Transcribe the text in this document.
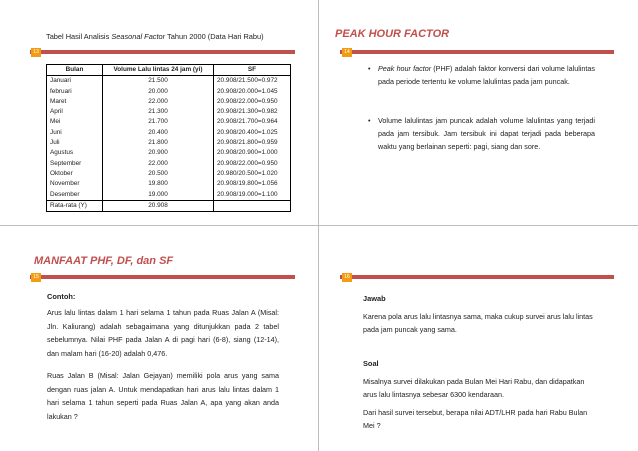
Tabel Hasil Analisis Seasonal Factor Tahun 2000 (Data Hari Rabu)
13
Bulan	Volume Lalu lintas 24 jam (yi)	SF
Januari	21.500	20.908/21.500=0.972
februari	20.000	20.908/20.000=1.045
Maret	22.000	20.908/22.000=0.950
April	21.300	20.908/21.300=0.982
Mei	21.700	20.908/21.700=0.964
Juni	20.400	20.908/20.400=1.025
Juli	21.800	20.908/21.800=0.959
Agustus	20.900	20.908/20.900=1.000
September	22.000	20.908/22.000=0.950
Oktober	20.500	20.980/20.500=1.020
November	19.800	20.908/19.800=1.056
Desember	19.000	20.908/19.000=1.100
Rata-rata (Y)	20.908	
PEAK HOUR FACTOR
14
• Peak hour factor (PHF) adalah faktor konversi dari volume lalulintas pada periode tertentu ke volume lalulintas pada jam puncak.
• Volume lalulintas jam puncak adalah volume lalulintas yang terjadi pada jam tersibuk. Jam tersibuk ini dapat terjadi pada beberapa waktu yang berlainan seperti: pagi, siang dan sore.
MANFAAT PHF, DF, dan SF
15
Contoh:
Arus lalu lintas dalam 1 hari selama 1 tahun pada Ruas Jalan A (Misal: Jln. Kaliurang) adalah sebagaimana yang ditunjukkan pada 2 tabel sebelumnya. Nilai PHF pada Jalan A di pagi hari (6-8), siang (12-14), dan malam hari (16-20) adalah 0,476.
Ruas Jalan B (Misal: Jalan Gejayan) memiliki pola arus yang sama dengan ruas jalan A. Untuk mendapatkan hari arus lalu lintas dalam 1 hari selama 1 tahun seperti pada Ruas Jalan A, apa yang akan anda lakukan ?
16
Jawab
Karena pola arus lalu lintasnya sama, maka cukup survei arus lalu lintas pada jam puncak yang sama.
Soal
Misalnya survei dilakukan pada Bulan Mei Hari Rabu, dan didapatkan arus lalu lintasnya sebesar 6300 kendaraan.
Dari hasil survei tersebut, berapa nilai ADT/LHR pada hari Rabu Bulan Mei ?
